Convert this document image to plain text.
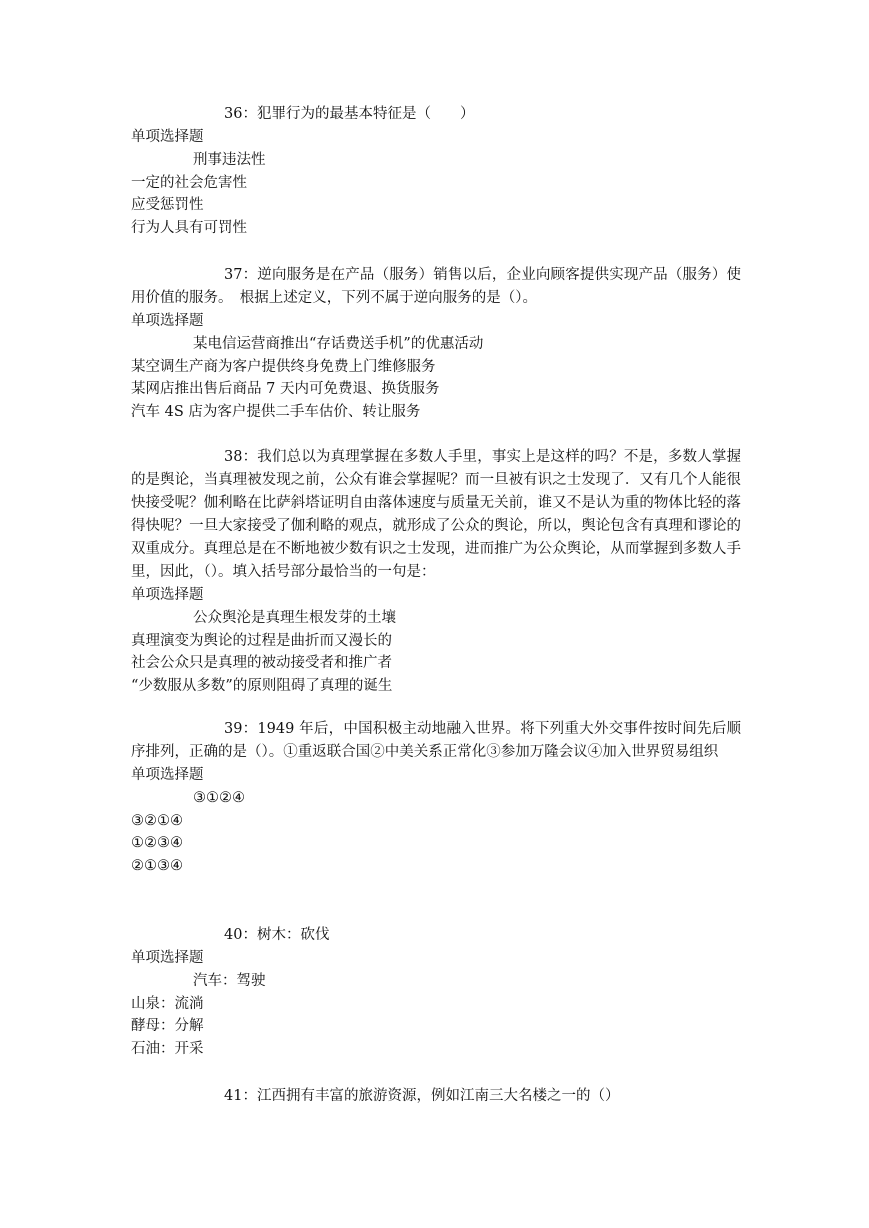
36：犯罪行为的最基本特征是（　　）

单项选择题

刑事违法性

一定的社会危害性

应受惩罚性

行为人具有可罚性

37：逆向服务是在产品（服务）销售以后，企业向顾客提供实现产品（服务）使用价值的服务。　根据上述定义，下列不属于逆向服务的是（）。

单项选择题

某电信运营商推出“存话费送手机”的优惠活动

某空调生产商为客户提供终身免费上门维修服务

某网店推出售后商品 7 天内可免费退、换货服务

汽车 4S 店为客户提供二手车估价、转让服务

38：我们总以为真理掌握在多数人手里，事实上是这样的吗？不是，多数人掌握的是舆论，当真理被发现之前，公众有谁会掌握呢？而一旦被有识之士发现了．又有几个人能很快接受呢？伽利略在比萨斜塔证明自由落体速度与质量无关前，谁又不是认为重的物体比轻的落得快呢？一旦大家接受了伽利略的观点，就形成了公众的舆论，所以，舆论包含有真理和谬论的双重成分。真理总是在不断地被少数有识之士发现，进而推广为公众舆论，从而掌握到多数人手里，因此，（）。填入括号部分最恰当的一句是：

单项选择题

公众舆沦是真理生根发芽的土壤

真理演变为舆论的过程是曲折而又漫长的

社会公众只是真理的被动接受者和推广者

“少数服从多数”的原则阻碍了真理的诞生

39：1949 年后，中国积极主动地融入世界。将下列重大外交事件按时间先后顺序排列，正确的是（）。①重返联合国②中美关系正常化③参加万隆会议④加入世界贸易组织

单项选择题

③①②④

③②①④

①②③④

②①③④

40：树木：砍伐

单项选择题

汽车：驾驶

山泉：流淌

酵母：分解

石油：开采

41：江西拥有丰富的旅游资源，例如江南三大名楼之一的（）
